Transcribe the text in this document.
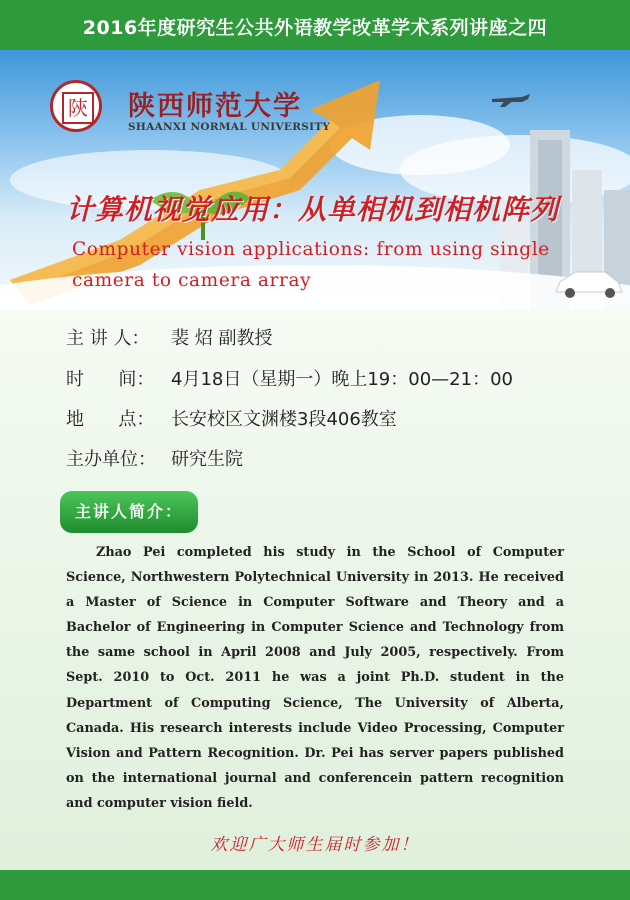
2016年度研究生公共外语教学改革学术系列讲座之四
陝 陕西师范大学
SHAANXI NORMAL UNIVERSITY
计算机视觉应用：从单相机到相机阵列
Computer vision applications: from using single camera to camera array
主 讲 人： 裴 炤 副教授
时      间： 4月18日（星期一）晚上19：00—21：00
地      点： 长安校区文渊楼3段406教室
主办单位： 研究生院
主讲人简介：
Zhao Pei completed his study in the School of Computer Science, Northwestern Polytechnical University in 2013. He received a Master of Science in Computer Software and Theory and a Bachelor of Engineering in Computer Science and Technology from the same school in April 2008 and July 2005, respectively. From Sept. 2010 to Oct. 2011 he was a joint Ph.D. student in the Department of Computing Science, The University of Alberta, Canada. His research interests include Video Processing, Computer Vision and Pattern Recognition. Dr. Pei has server papers published on the international journal and conferencein pattern recognition and computer vision field.
欢迎广大师生届时参加！
